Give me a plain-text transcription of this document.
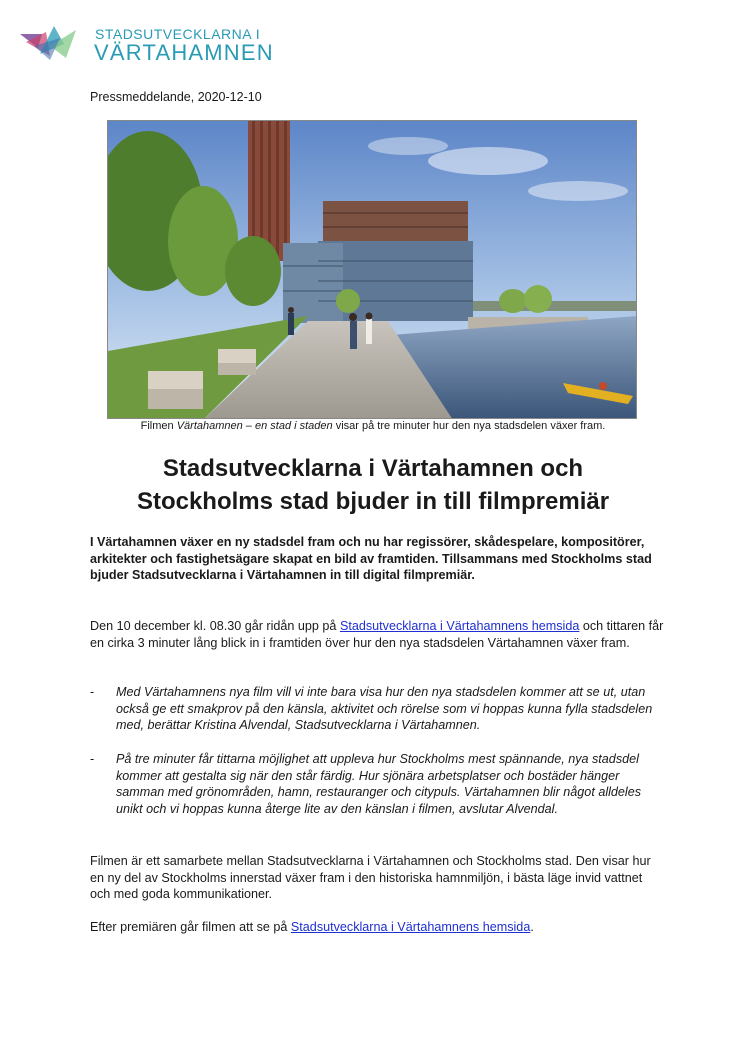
STADSUTVECKLARNA I
VÄRTAHAMNEN
Pressmeddelande, 2020-12-10
Filmen Värtahamnen – en stad i staden visar på tre minuter hur den nya stadsdelen växer fram.
Stadsutvecklarna i Värtahamnen och
Stockholms stad bjuder in till filmpremiär

I Värtahamnen växer en ny stadsdel fram och nu har regissörer, skådespelare, kompositörer, arkitekter och fastighetsägare skapat en bild av framtiden. Tillsammans med Stockholms stad bjuder Stadsutvecklarna i Värtahamnen in till digital filmpremiär.

Den 10 december kl. 08.30 går ridån upp på Stadsutvecklarna i Värtahamnens hemsida och tittaren får en cirka 3 minuter lång blick in i framtiden över hur den nya stadsdelen Värtahamnen växer fram.

- Med Värtahamnens nya film vill vi inte bara visa hur den nya stadsdelen kommer att se ut, utan också ge ett smakprov på den känsla, aktivitet och rörelse som vi hoppas kunna fylla stadsdelen med, berättar Kristina Alvendal, Stadsutvecklarna i Värtahamnen.
- På tre minuter får tittarna möjlighet att uppleva hur Stockholms mest spännande, nya stadsdel kommer att gestalta sig när den står färdig. Hur sjönära arbetsplatser och bostäder hänger samman med grönområden, hamn, restauranger och citypuls. Värtahamnen blir något alldeles unikt och vi hoppas kunna återge lite av den känslan i filmen, avslutar Alvendal.

Filmen är ett samarbete mellan Stadsutvecklarna i Värtahamnen och Stockholms stad. Den visar hur en ny del av Stockholms innerstad växer fram i den historiska hamnmiljön, i bästa läge invid vattnet och med goda kommunikationer.

Efter premiären går filmen att se på Stadsutvecklarna i Värtahamnens hemsida.
